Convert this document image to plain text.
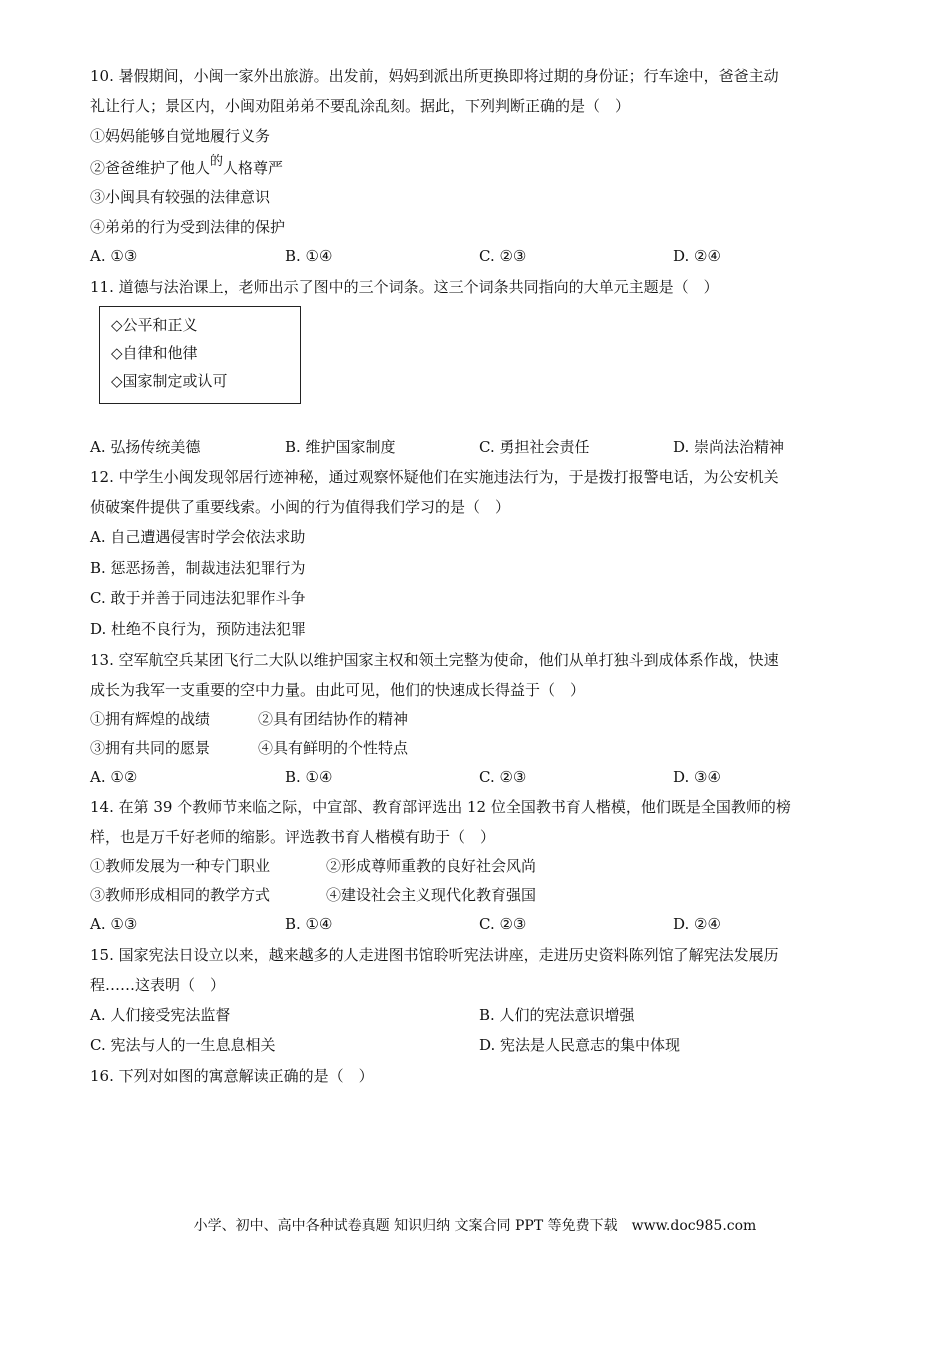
10. 暑假期间，小闽一家外出旅游。出发前，妈妈到派出所更换即将过期的身份证；行车途中，爸爸主动
礼让行人；景区内，小闽劝阻弟弟不要乱涂乱刻。据此，下列判断正确的是（　）
①妈妈能够自觉地履行义务
②爸爸维护了他人的人格尊严
③小闽具有较强的法律意识
④弟弟的行为受到法律的保护
A. ①③	B. ①④	C. ②③	D. ②④
11. 道德与法治课上，老师出示了图中的三个词条。这三个词条共同指向的大单元主题是（　）
◇公平和正义
◇自律和他律
◇国家制定或认可
A. 弘扬传统美德	B. 维护国家制度	C. 勇担社会责任	D. 崇尚法治精神
12. 中学生小闽发现邻居行迹神秘，通过观察怀疑他们在实施违法行为，于是拨打报警电话，为公安机关
侦破案件提供了重要线索。小闽的行为值得我们学习的是（　）
A. 自己遭遇侵害时学会依法求助
B. 惩恶扬善，制裁违法犯罪行为
C. 敢于并善于同违法犯罪作斗争
D. 杜绝不良行为，预防违法犯罪
13. 空军航空兵某团飞行二大队以维护国家主权和领土完整为使命，他们从单打独斗到成体系作战，快速
成长为我军一支重要的空中力量。由此可见，他们的快速成长得益于（　）
①拥有辉煌的战绩	②具有团结协作的精神
③拥有共同的愿景	④具有鲜明的个性特点
A. ①②	B. ①④	C. ②③	D. ③④
14. 在第 39 个教师节来临之际，中宣部、教育部评选出 12 位全国教书育人楷模，他们既是全国教师的榜
样，也是万千好老师的缩影。评选教书育人楷模有助于（　）
①教师发展为一种专门职业	②形成尊师重教的良好社会风尚
③教师形成相同的教学方式	④建设社会主义现代化教育强国
A. ①③	B. ①④	C. ②③	D. ②④
15. 国家宪法日设立以来，越来越多的人走进图书馆聆听宪法讲座，走进历史资料陈列馆了解宪法发展历
程……这表明（　）
A. 人们接受宪法监督	B. 人们的宪法意识增强
C. 宪法与人的一生息息相关	D. 宪法是人民意志的集中体现
16. 下列对如图的寓意解读正确的是（　）
小学、初中、高中各种试卷真题 知识归纳 文案合同 PPT 等免费下载　www.doc985.com
